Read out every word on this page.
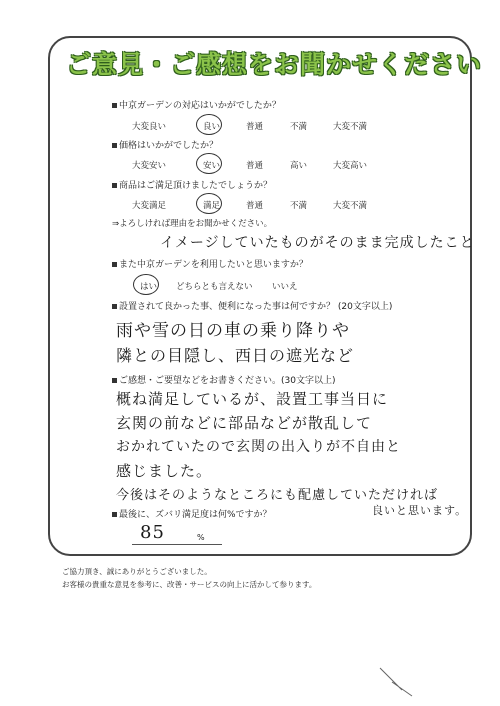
ご意見・ご感想をお聞かせください
中京ガーデンの対応はいかがでしたか？
大変良い	良い	普通	不満	大変不満
価格はいかがでしたか？
大変安い	安い	普通	高い	大変高い
商品はご満足頂けましたでしょうか？
大変満足	満足	普通	不満	大変不満
⇒よろしければ理由をお聞かせください。
イメージしていたものがそのまま完成したこと
また中京ガーデンを利用したいと思いますか？
はい どちらとも言えない いいえ
設置されて良かった事、便利になった事は何ですか？ (20文字以上)
雨や雪の日の車の乗り降りや
隣との目隠し、西日の遮光など
ご感想・ご要望などをお書きください。(30文字以上)
概ね満足しているが、設置工事当日に
玄関の前などに部品などが散乱して
おかれていたので玄関の出入りが不自由と
感じました。
今後はそのようなところにも配慮していただければ
良いと思います。
最後に、ズバリ満足度は何%ですか？
85	%
ご協力頂き、誠にありがとうございました。
お客様の貴重な意見を参考に、改善・サービスの向上に活かして参ります。
